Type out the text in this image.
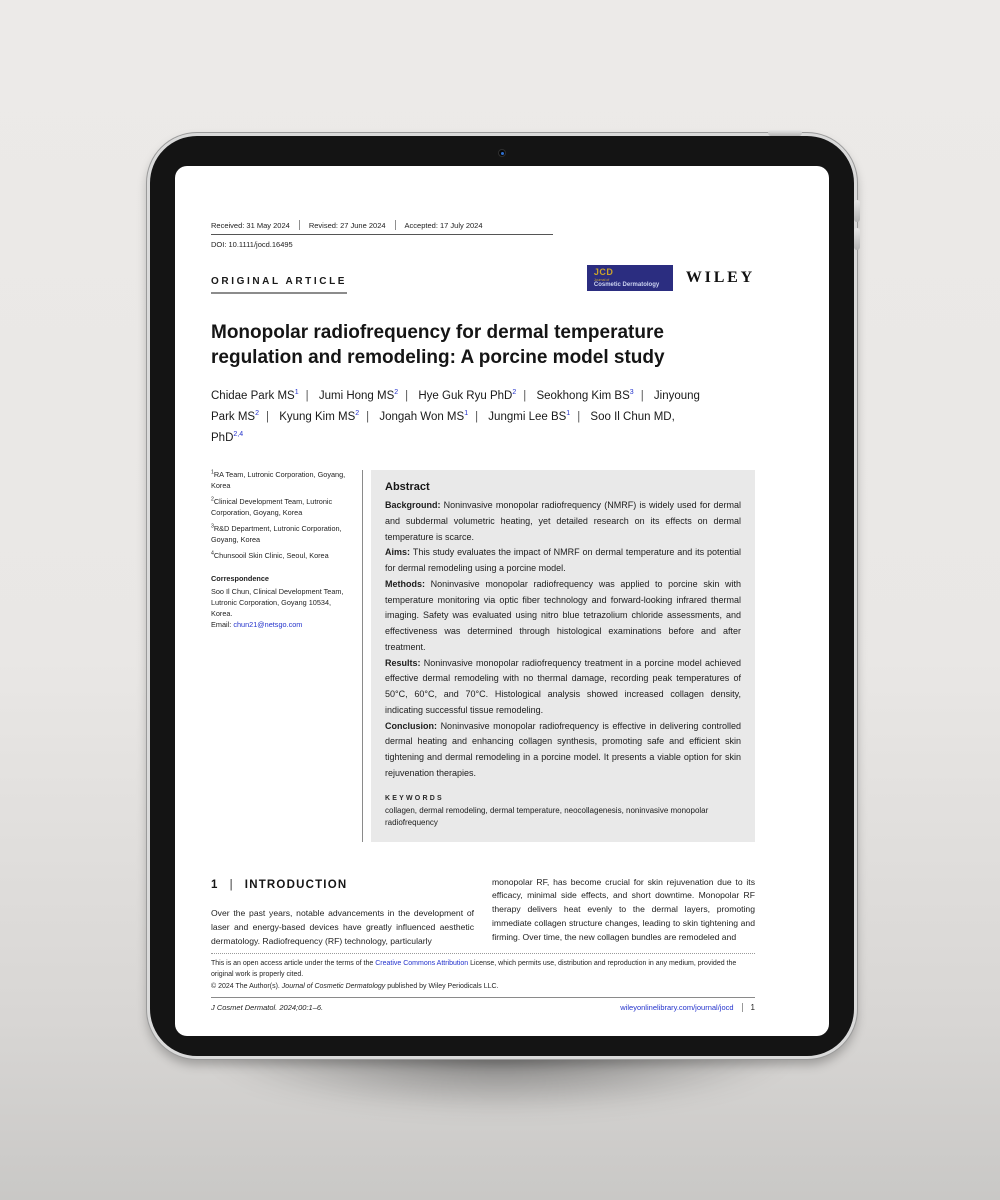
Received: 31 May 2024	Revised: 27 June 2024	Accepted: 17 July 2024
DOI: 10.1111/jocd.16495
ORIGINAL ARTICLE
JCD
Journal of
Cosmetic Dermatology	WILEY
Monopolar radiofrequency for dermal temperature regulation and remodeling: A porcine model study
Chidae Park $MS^1$ | Jumi Hong $MS^2$ | Hye Guk Ryu PhD$^2$ | Seokhong Kim $BS^3$ | Jinyoung Park $MS^2$ | Kyung Kim $MS^2$ | Jongah Won $MS^1$ | Jungmi Lee $BS^1$ | Soo Il Chun MD, PhD$^{2,4}$
$^1$RA Team, Lutronic Corporation, Goyang, Korea
$^2$Clinical Development Team, Lutronic Corporation, Goyang, Korea
$^3$R&D Department, Lutronic Corporation, Goyang, Korea
$^4$Chunsooil Skin Clinic, Seoul, Korea
Correspondence
Soo Il Chun, Clinical Development Team, Lutronic Corporation, Goyang 10534, Korea.
Email: chun21@netsgo.com
Abstract

Background: Noninvasive monopolar radiofrequency (NMRF) is widely used for dermal and subdermal volumetric heating, yet detailed research on its effects on dermal temperature is scarce.

Aims: This study evaluates the impact of NMRF on dermal temperature and its potential for dermal remodeling using a porcine model.

Methods: Noninvasive monopolar radiofrequency was applied to porcine skin with temperature monitoring via optic fiber technology and forward-looking infrared thermal imaging. Safety was evaluated using nitro blue tetrazolium chloride assessments, and effectiveness was determined through histological examinations before and after treatment.

Results: Noninvasive monopolar radiofrequency treatment in a porcine model achieved effective dermal remodeling with no thermal damage, recording peak temperatures of 50°C, 60°C, and 70°C. Histological analysis showed increased collagen density, indicating successful tissue remodeling.

Conclusion: Noninvasive monopolar radiofrequency is effective in delivering controlled dermal heating and enhancing collagen synthesis, promoting safe and efficient skin tightening and dermal remodeling in a porcine model. It presents a viable option for skin rejuvenation therapies.

KEYWORDS
collagen, dermal remodeling, dermal temperature, neocollagenesis, noninvasive monopolar radiofrequency
1 | INTRODUCTION

Over the past years, notable advancements in the development of laser and energy-based devices have greatly influenced aesthetic dermatology. Radiofrequency (RF) technology, particularly

monopolar RF, has become crucial for skin rejuvenation due to its efficacy, minimal side effects, and short downtime. Monopolar RF therapy delivers heat evenly to the dermal layers, promoting immediate collagen structure changes, leading to skin tightening and firming. Over time, the new collagen bundles are remodeled and

This is an open access article under the terms of the Creative Commons Attribution License, which permits use, distribution and reproduction in any medium, provided the original work is properly cited.
© 2024 The Author(s). Journal of Cosmetic Dermatology published by Wiley Periodicals LLC.
J Cosmet Dermatol. 2024;00:1–6.	wileyonlinelibrary.com/journal/jocd 1
